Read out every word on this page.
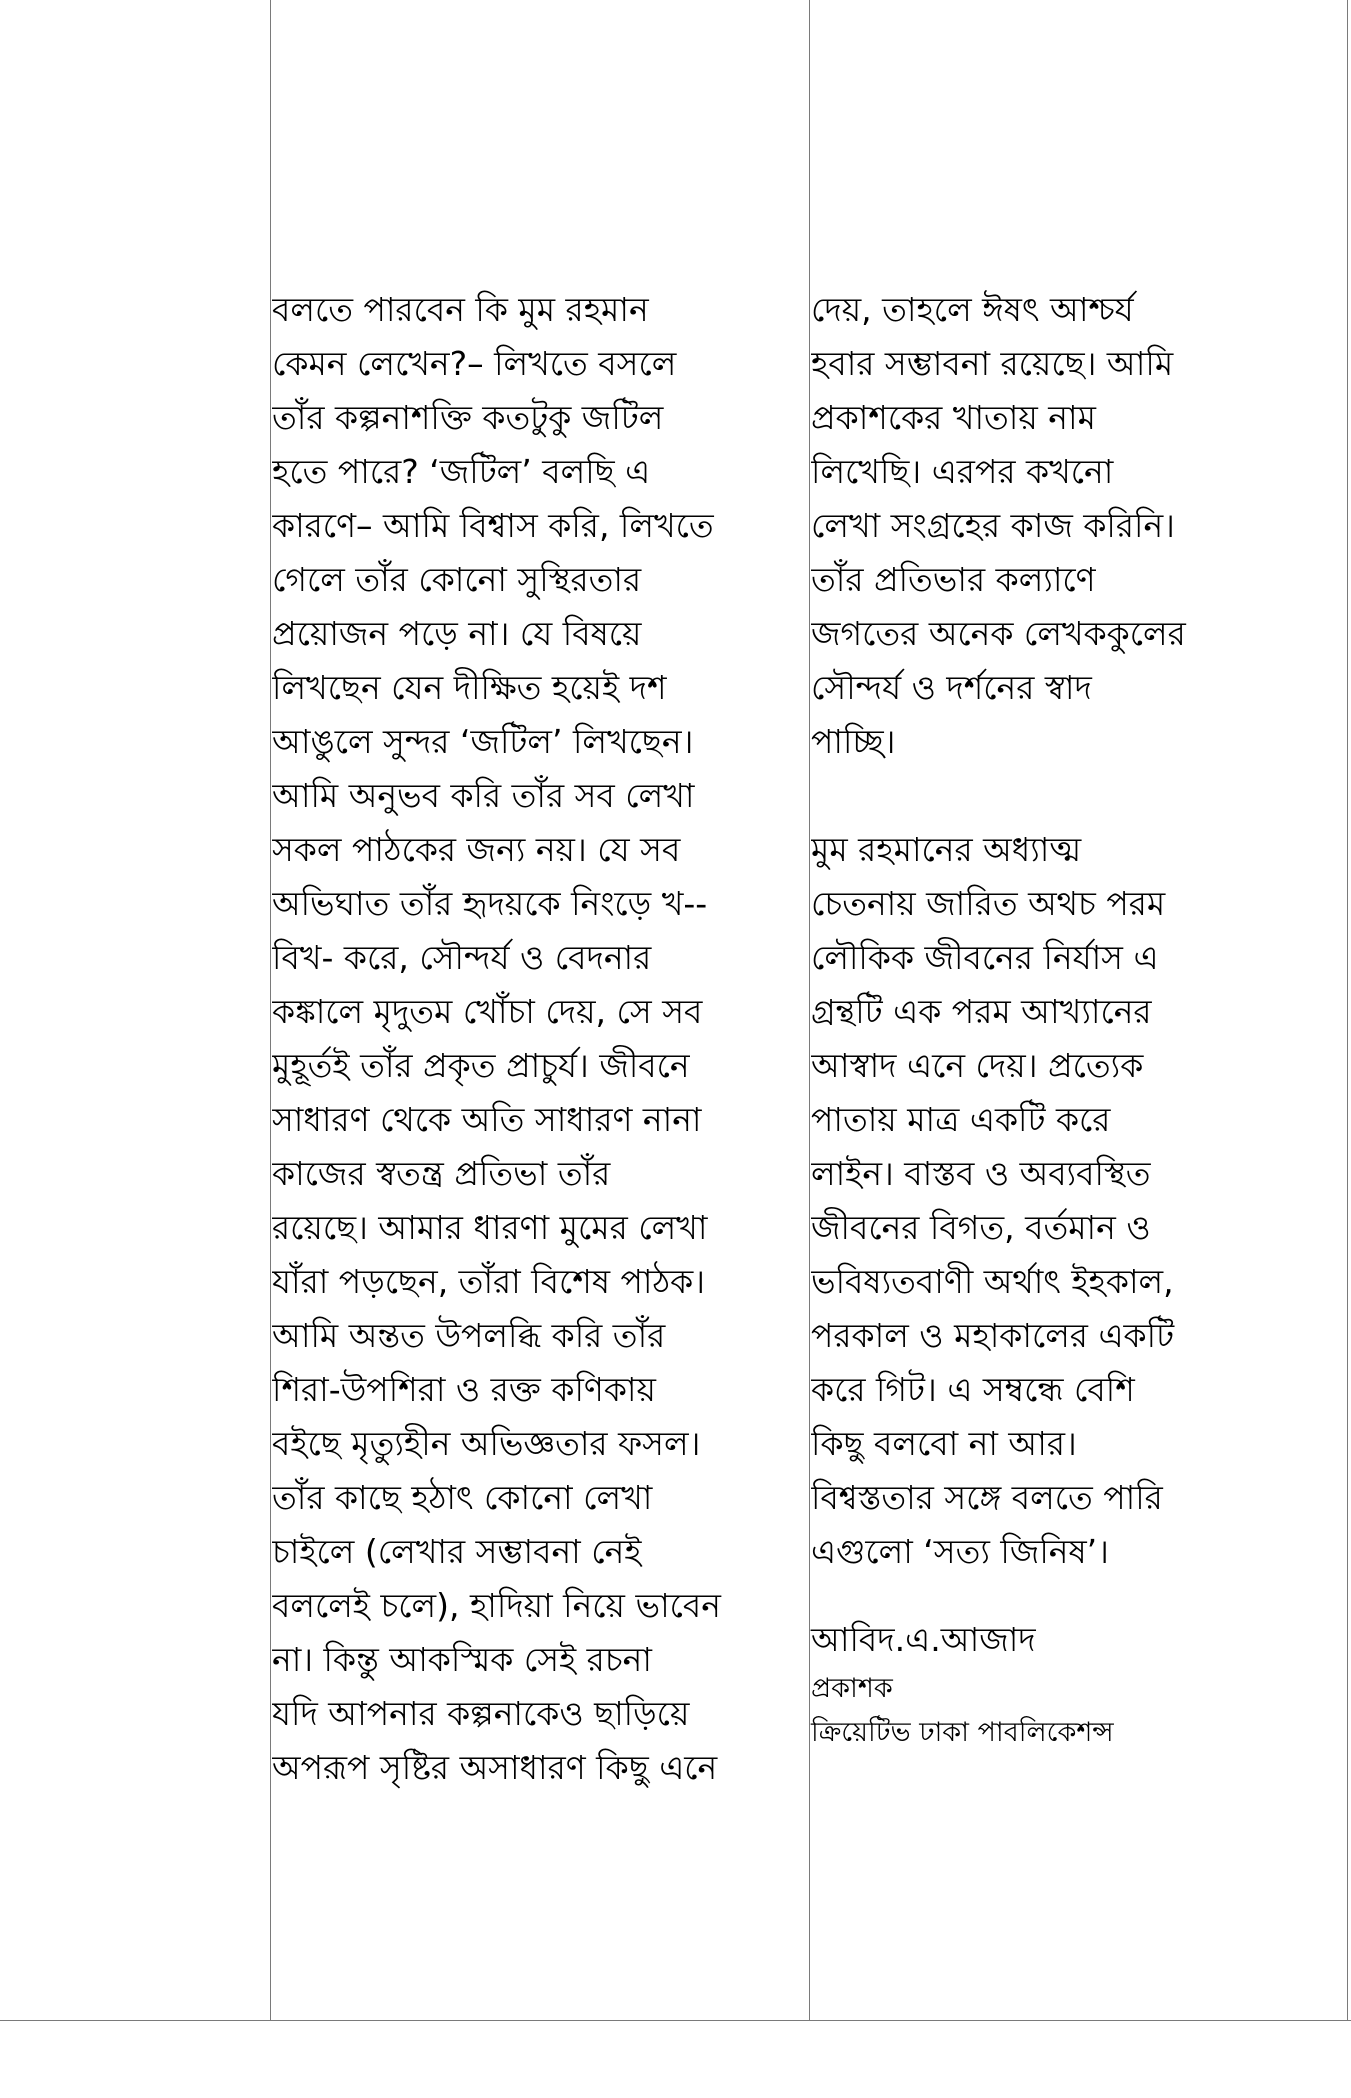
বলতে পারবেন কি মুম রহমান
কেমন লেখেন?– লিখতে বসলে
তাঁর কল্পনাশক্তি কতটুকু জটিল
হতে পারে? ‘জটিল’ বলছি এ
কারণে– আমি বিশ্বাস করি, লিখতে
গেলে তাঁর কোনো সুস্থিরতার
প্রয়োজন পড়ে না। যে বিষয়ে
লিখছেন যেন দীক্ষিত হয়েই দশ
আঙুলে সুন্দর ‘জটিল’ লিখছেন।
আমি অনুভব করি তাঁর সব লেখা
সকল পাঠকের জন্য নয়। যে সব
অভিঘাত তাঁর হৃদয়কে নিংড়ে খ--
বিখ- করে, সৌন্দর্য ও বেদনার
কঙ্কালে মৃদুতম খোঁচা দেয়, সে সব
মুহূর্তই তাঁর প্রকৃত প্রাচুর্য। জীবনে
সাধারণ থেকে অতি সাধারণ নানা
কাজের স্বতন্ত্র প্রতিভা তাঁর
রয়েছে। আমার ধারণা মুমের লেখা
যাঁরা পড়ছেন, তাঁরা বিশেষ পাঠক।
আমি অন্তত উপলব্ধি করি তাঁর
শিরা-উপশিরা ও রক্ত কণিকায়
বইছে মৃত্যুহীন অভিজ্ঞতার ফসল।
তাঁর কাছে হঠাৎ কোনো লেখা
চাইলে (লেখার সম্ভাবনা নেই
বললেই চলে), হাদিয়া নিয়ে ভাবেন
না। কিন্তু আকস্মিক সেই রচনা
যদি আপনার কল্পনাকেও ছাড়িয়ে
অপরূপ সৃষ্টির অসাধারণ কিছু এনে
দেয়, তাহলে ঈষৎ আশ্চর্য
হবার সম্ভাবনা রয়েছে। আমি
প্রকাশকের খাতায় নাম
লিখেছি। এরপর কখনো
লেখা সংগ্রহের কাজ করিনি।
তাঁর প্রতিভার কল্যাণে
জগতের অনেক লেখককুলের
সৌন্দর্য ও দর্শনের স্বাদ
পাচ্ছি।
মুম রহমানের অধ্যাত্ম
চেতনায় জারিত অথচ পরম
লৌকিক জীবনের নির্যাস এ
গ্রন্থটি এক পরম আখ্যানের
আস্বাদ এনে দেয়। প্রত্যেক
পাতায় মাত্র একটি করে
লাইন। বাস্তব ও অব্যবস্থিত
জীবনের বিগত, বর্তমান ও
ভবিষ্যতবাণী অর্থাৎ ইহকাল,
পরকাল ও মহাকালের একটি
করে গিট। এ সম্বন্ধে বেশি
কিছু বলবো না আর।
বিশ্বস্ততার সঙ্গে বলতে পারি
এগুলো ‘সত্য জিনিষ’।
আবিদ.এ.আজাদ
প্রকাশক
ক্রিয়েটিভ ঢাকা পাবলিকেশন্স
